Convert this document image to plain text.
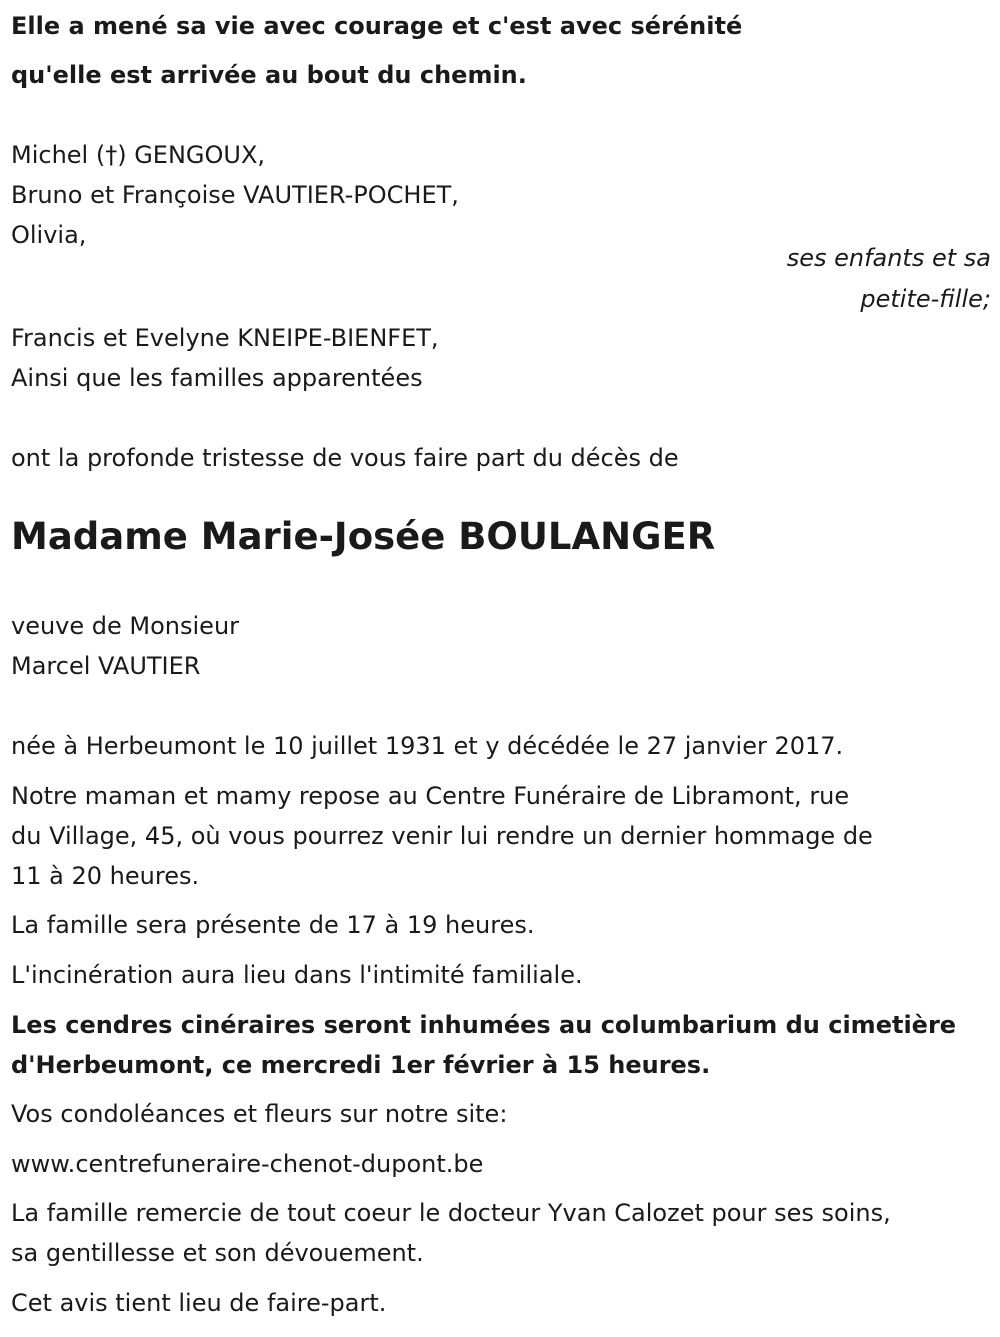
Elle a mené sa vie avec courage et c'est avec sérénité
qu'elle est arrivée au bout du chemin.
Michel (†) GENGOUX,
Bruno et Françoise VAUTIER-POCHET,
Olivia,
ses enfants et sa
petite-fille;
Francis et Evelyne KNEIPE-BIENFET,
Ainsi que les familles apparentées
ont la profonde tristesse de vous faire part du décès de
Madame Marie-Josée BOULANGER
veuve de Monsieur
Marcel VAUTIER
née à Herbeumont le 10 juillet 1931 et y décédée le 27 janvier 2017.
Notre maman et mamy repose au Centre Funéraire de Libramont, rue
du Village, 45, où vous pourrez venir lui rendre un dernier hommage de
11 à 20 heures.
La famille sera présente de 17 à 19 heures.
L'incinération aura lieu dans l'intimité familiale.
Les cendres cinéraires seront inhumées au columbarium du cimetière
d'Herbeumont, ce mercredi 1er février à 15 heures.
Vos condoléances et fleurs sur notre site:
www.centrefuneraire-chenot-dupont.be
La famille remercie de tout coeur le docteur Yvan Calozet pour ses soins,
sa gentillesse et son dévouement.
Cet avis tient lieu de faire-part.
